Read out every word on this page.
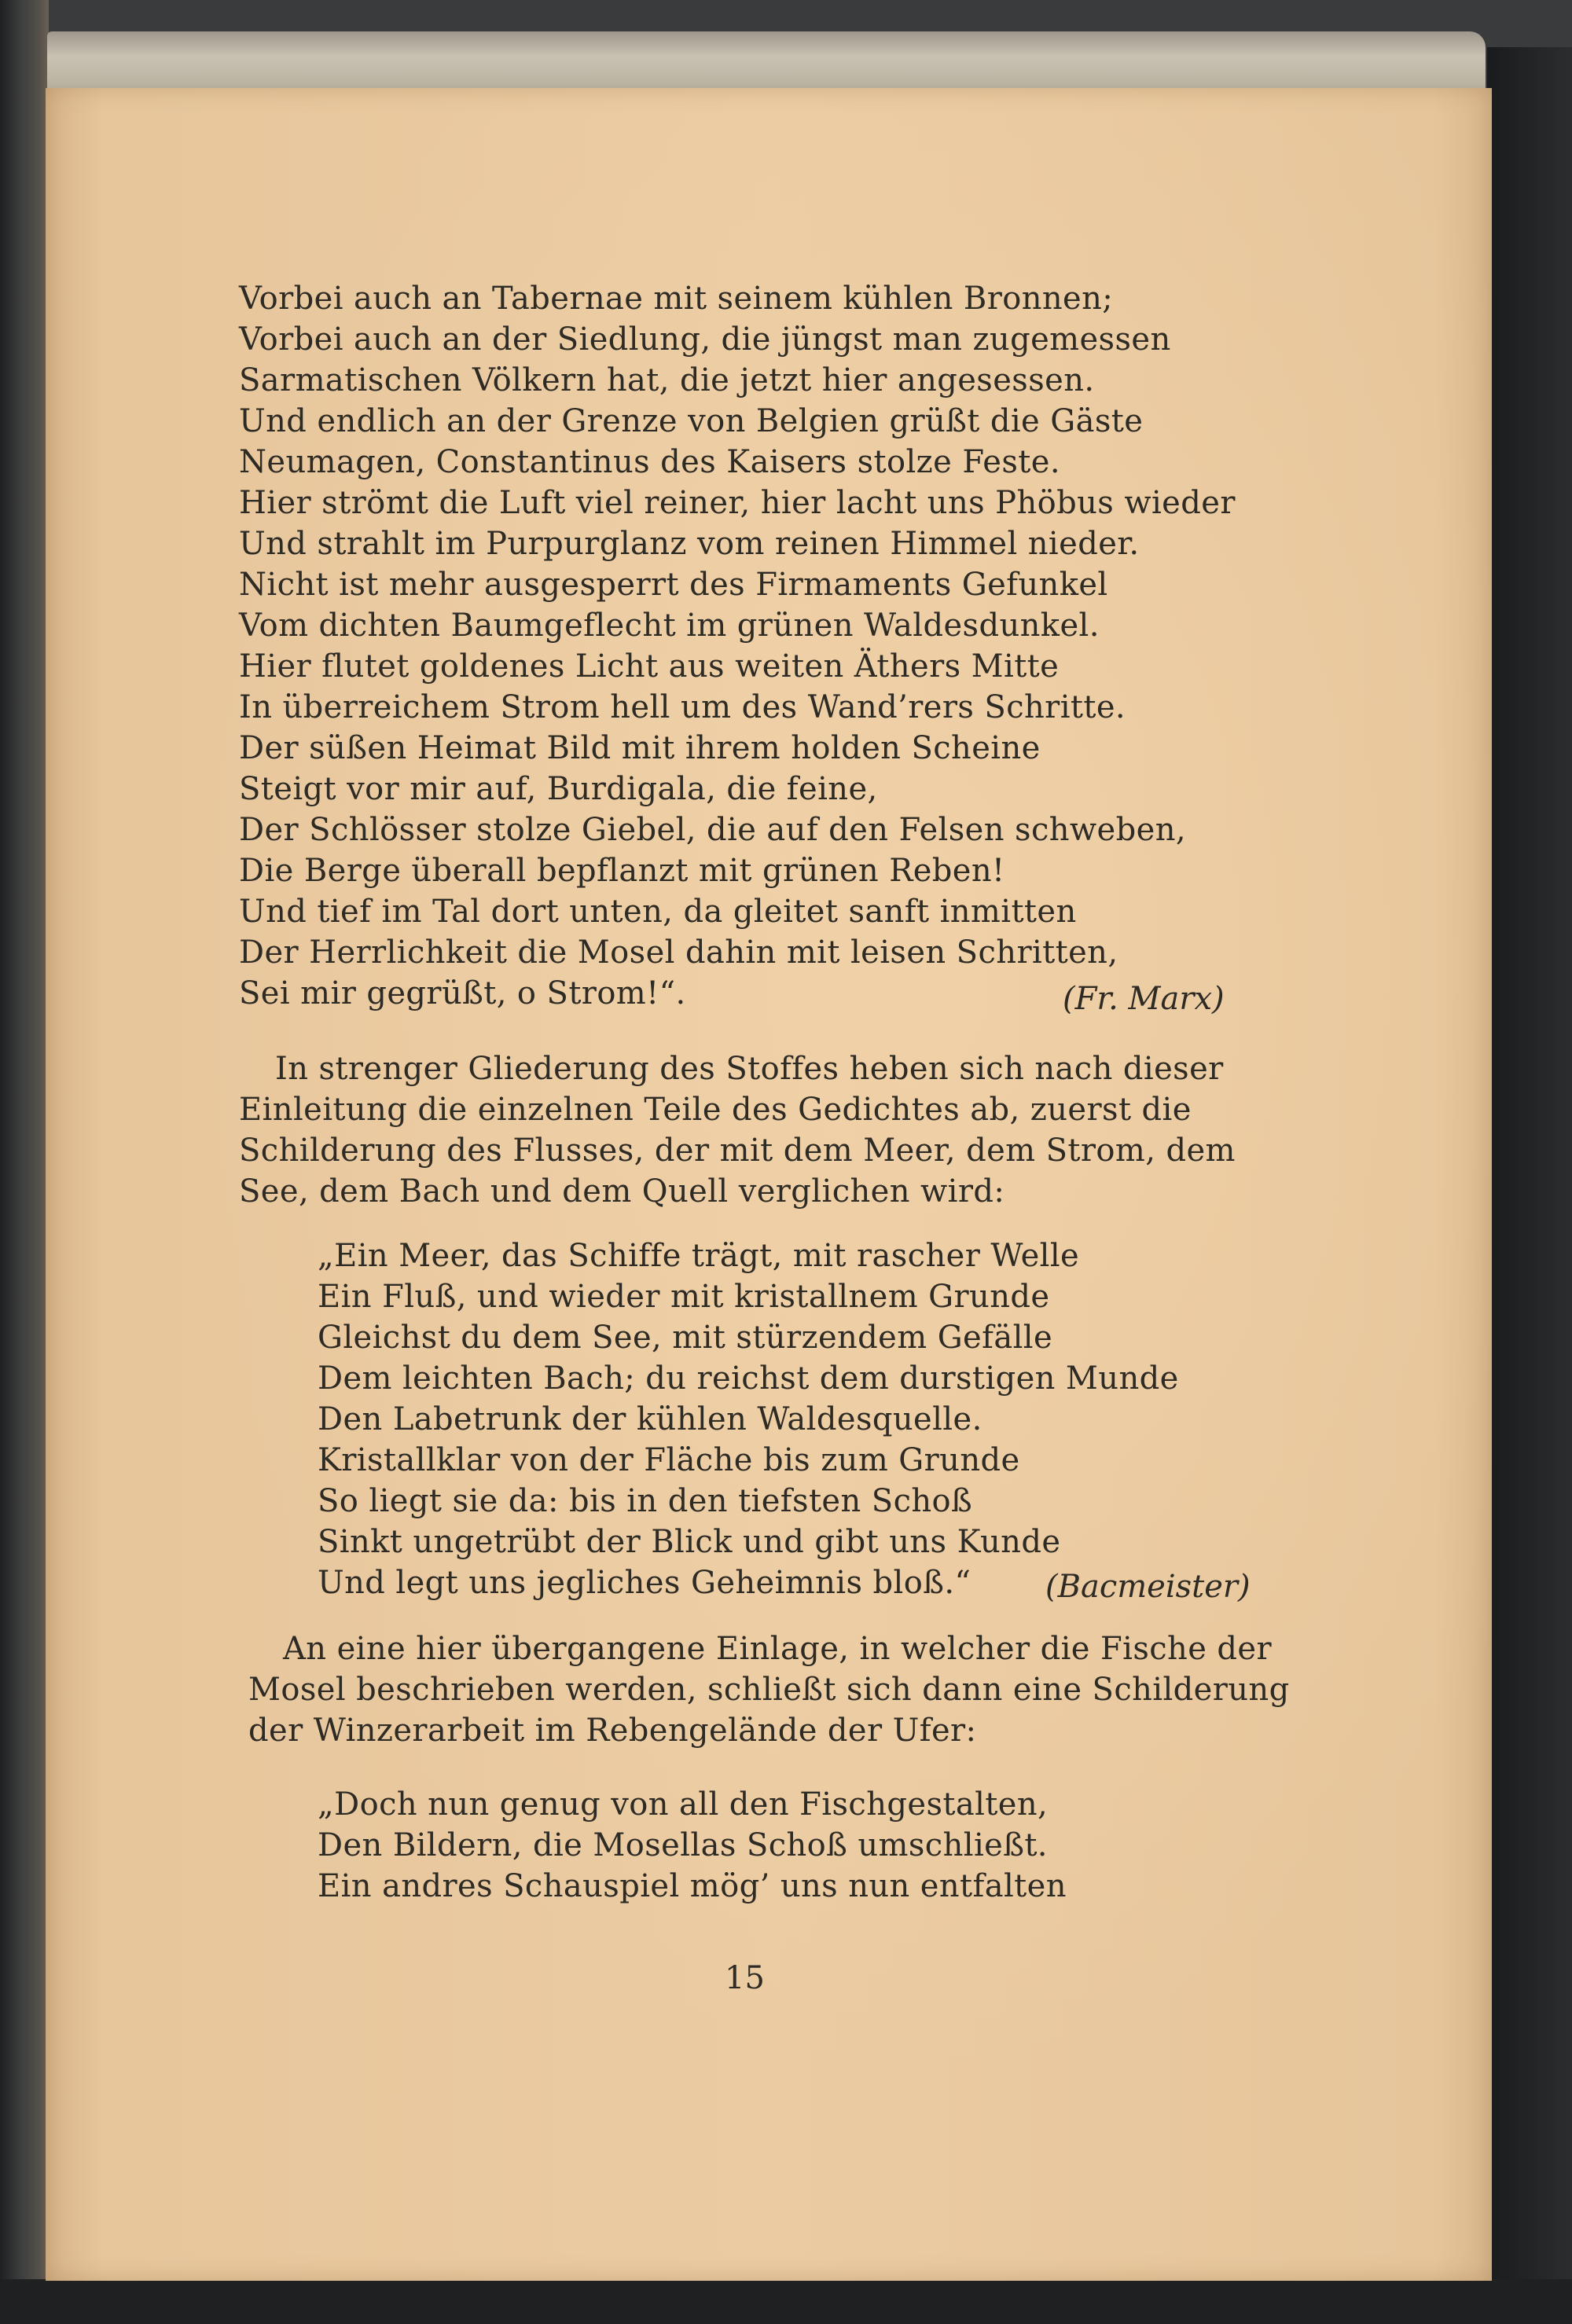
Vorbei auch an Tabernae mit seinem kühlen Bronnen;
Vorbei auch an der Siedlung, die jüngst man zugemessen
Sarmatischen Völkern hat, die jetzt hier angesessen.
Und endlich an der Grenze von Belgien grüßt die Gäste
Neumagen, Constantinus des Kaisers stolze Feste.
Hier strömt die Luft viel reiner, hier lacht uns Phöbus wieder
Und strahlt im Purpurglanz vom reinen Himmel nieder.
Nicht ist mehr ausgesperrt des Firmaments Gefunkel
Vom dichten Baumgeflecht im grünen Waldesdunkel.
Hier flutet goldenes Licht aus weiten Äthers Mitte
In überreichem Strom hell um des Wand’rers Schritte.
Der süßen Heimat Bild mit ihrem holden Scheine
Steigt vor mir auf, Burdigala, die feine,
Der Schlösser stolze Giebel, die auf den Felsen schweben,
Die Berge überall bepflanzt mit grünen Reben!
Und tief im Tal dort unten, da gleitet sanft inmitten
Der Herrlichkeit die Mosel dahin mit leisen Schritten,
Sei mir gegrüßt, o Strom!“.	(Fr. Marx)
In strenger Gliederung des Stoffes heben sich nach dieser
Einleitung die einzelnen Teile des Gedichtes ab, zuerst die
Schilderung des Flusses, der mit dem Meer, dem Strom, dem
See, dem Bach und dem Quell verglichen wird:
„Ein Meer, das Schiffe trägt, mit rascher Welle
Ein Fluß, und wieder mit kristallnem Grunde
Gleichst du dem See, mit stürzendem Gefälle
Dem leichten Bach; du reichst dem durstigen Munde
Den Labetrunk der kühlen Waldesquelle.
Kristallklar von der Fläche bis zum Grunde
So liegt sie da: bis in den tiefsten Schoß
Sinkt ungetrübt der Blick und gibt uns Kunde
Und legt uns jegliches Geheimnis bloß.“ (Bacmeister)
An eine hier übergangene Einlage, in welcher die Fische der
Mosel beschrieben werden, schließt sich dann eine Schilderung
der Winzerarbeit im Rebengelände der Ufer:
„Doch nun genug von all den Fischgestalten,
Den Bildern, die Mosellas Schoß umschließt.
Ein andres Schauspiel mög’ uns nun entfalten
15
